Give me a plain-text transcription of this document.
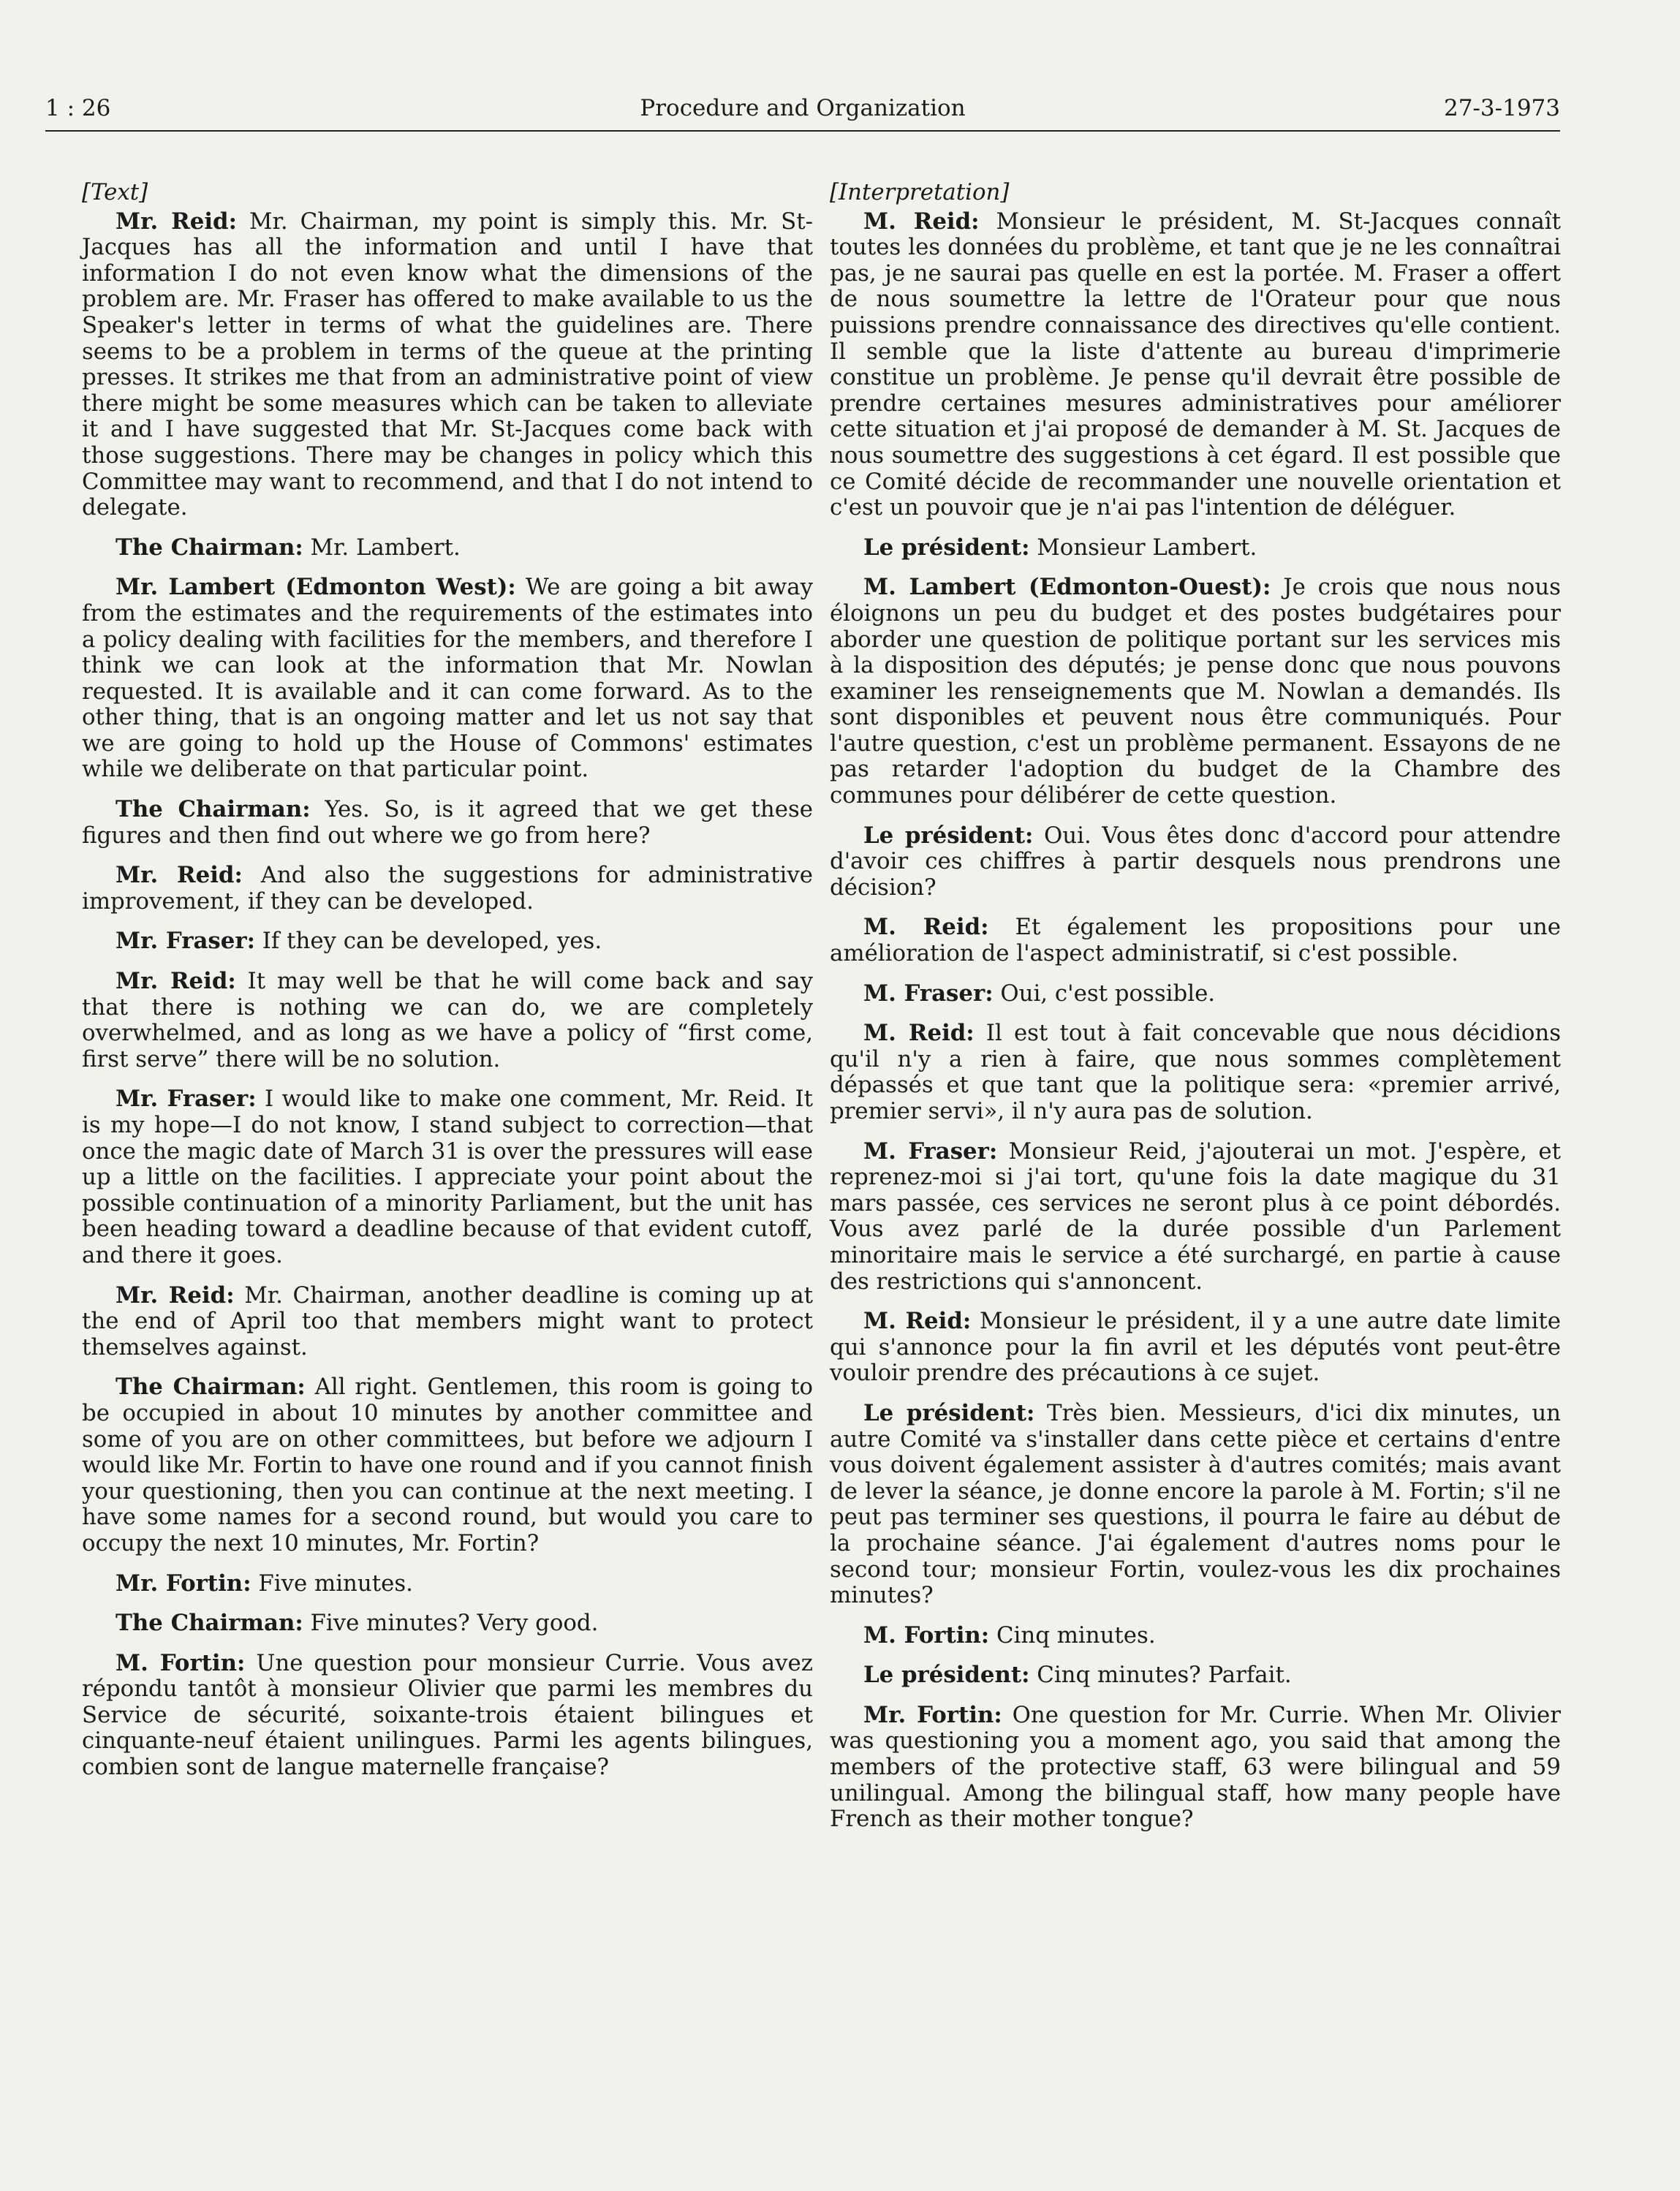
1 : 26	Procedure and Organization	27-3-1973
[Text]

Mr. Reid: Mr. Chairman, my point is simply this. Mr. St-Jacques has all the information and until I have that information I do not even know what the dimensions of the problem are. Mr. Fraser has offered to make available to us the Speaker's letter in terms of what the guidelines are. There seems to be a problem in terms of the queue at the printing presses. It strikes me that from an administrative point of view there might be some measures which can be taken to alleviate it and I have suggested that Mr. St-Jacques come back with those suggestions. There may be changes in policy which this Committee may want to recommend, and that I do not intend to delegate.

The Chairman: Mr. Lambert.

Mr. Lambert (Edmonton West): We are going a bit away from the estimates and the requirements of the estimates into a policy dealing with facilities for the members, and therefore I think we can look at the information that Mr. Nowlan requested. It is available and it can come forward. As to the other thing, that is an ongoing matter and let us not say that we are going to hold up the House of Commons' estimates while we deliberate on that particular point.

The Chairman: Yes. So, is it agreed that we get these figures and then find out where we go from here?

Mr. Reid: And also the suggestions for administrative improvement, if they can be developed.

Mr. Fraser: If they can be developed, yes.

Mr. Reid: It may well be that he will come back and say that there is nothing we can do, we are completely overwhelmed, and as long as we have a policy of “first come, first serve” there will be no solution.

Mr. Fraser: I would like to make one comment, Mr. Reid. It is my hope—I do not know, I stand subject to correction—that once the magic date of March 31 is over the pressures will ease up a little on the facilities. I appreciate your point about the possible continuation of a minority Parliament, but the unit has been heading toward a deadline because of that evident cutoff, and there it goes.

Mr. Reid: Mr. Chairman, another deadline is coming up at the end of April too that members might want to protect themselves against.

The Chairman: All right. Gentlemen, this room is going to be occupied in about 10 minutes by another committee and some of you are on other committees, but before we adjourn I would like Mr. Fortin to have one round and if you cannot finish your questioning, then you can continue at the next meeting. I have some names for a second round, but would you care to occupy the next 10 minutes, Mr. Fortin?

Mr. Fortin: Five minutes.

The Chairman: Five minutes? Very good.

M. Fortin: Une question pour monsieur Currie. Vous avez répondu tantôt à monsieur Olivier que parmi les membres du Service de sécurité, soixante-trois étaient bilingues et cinquante-neuf étaient unilingues. Parmi les agents bilingues, combien sont de langue maternelle française?

[Interpretation]

M. Reid: Monsieur le président, M. St-Jacques connaît toutes les données du problème, et tant que je ne les connaîtrai pas, je ne saurai pas quelle en est la portée. M. Fraser a offert de nous soumettre la lettre de l'Orateur pour que nous puissions prendre connaissance des directives qu'elle contient. Il semble que la liste d'attente au bureau d'imprimerie constitue un problème. Je pense qu'il devrait être possible de prendre certaines mesures administratives pour améliorer cette situation et j'ai proposé de demander à M. St. Jacques de nous soumettre des suggestions à cet égard. Il est possible que ce Comité décide de recommander une nouvelle orientation et c'est un pouvoir que je n'ai pas l'intention de déléguer.

Le président: Monsieur Lambert.

M. Lambert (Edmonton-Ouest): Je crois que nous nous éloignons un peu du budget et des postes budgétaires pour aborder une question de politique portant sur les services mis à la disposition des députés; je pense donc que nous pouvons examiner les renseignements que M. Nowlan a demandés. Ils sont disponibles et peuvent nous être communiqués. Pour l'autre question, c'est un problème permanent. Essayons de ne pas retarder l'adoption du budget de la Chambre des communes pour délibérer de cette question.

Le président: Oui. Vous êtes donc d'accord pour attendre d'avoir ces chiffres à partir desquels nous prendrons une décision?

M. Reid: Et également les propositions pour une amélioration de l'aspect administratif, si c'est possible.

M. Fraser: Oui, c'est possible.

M. Reid: Il est tout à fait concevable que nous décidions qu'il n'y a rien à faire, que nous sommes complètement dépassés et que tant que la politique sera: «premier arrivé, premier servi», il n'y aura pas de solution.

M. Fraser: Monsieur Reid, j'ajouterai un mot. J'espère, et reprenez-moi si j'ai tort, qu'une fois la date magique du 31 mars passée, ces services ne seront plus à ce point débordés. Vous avez parlé de la durée possible d'un Parlement minoritaire mais le service a été surchargé, en partie à cause des restrictions qui s'annoncent.

M. Reid: Monsieur le président, il y a une autre date limite qui s'annonce pour la fin avril et les députés vont peut-être vouloir prendre des précautions à ce sujet.

Le président: Très bien. Messieurs, d'ici dix minutes, un autre Comité va s'installer dans cette pièce et certains d'entre vous doivent également assister à d'autres comités; mais avant de lever la séance, je donne encore la parole à M. Fortin; s'il ne peut pas terminer ses questions, il pourra le faire au début de la prochaine séance. J'ai également d'autres noms pour le second tour; monsieur Fortin, voulez-vous les dix prochaines minutes?

M. Fortin: Cinq minutes.

Le président: Cinq minutes? Parfait.

Mr. Fortin: One question for Mr. Currie. When Mr. Olivier was questioning you a moment ago, you said that among the members of the protective staff, 63 were bilingual and 59 unilingual. Among the bilingual staff, how many people have French as their mother tongue?
